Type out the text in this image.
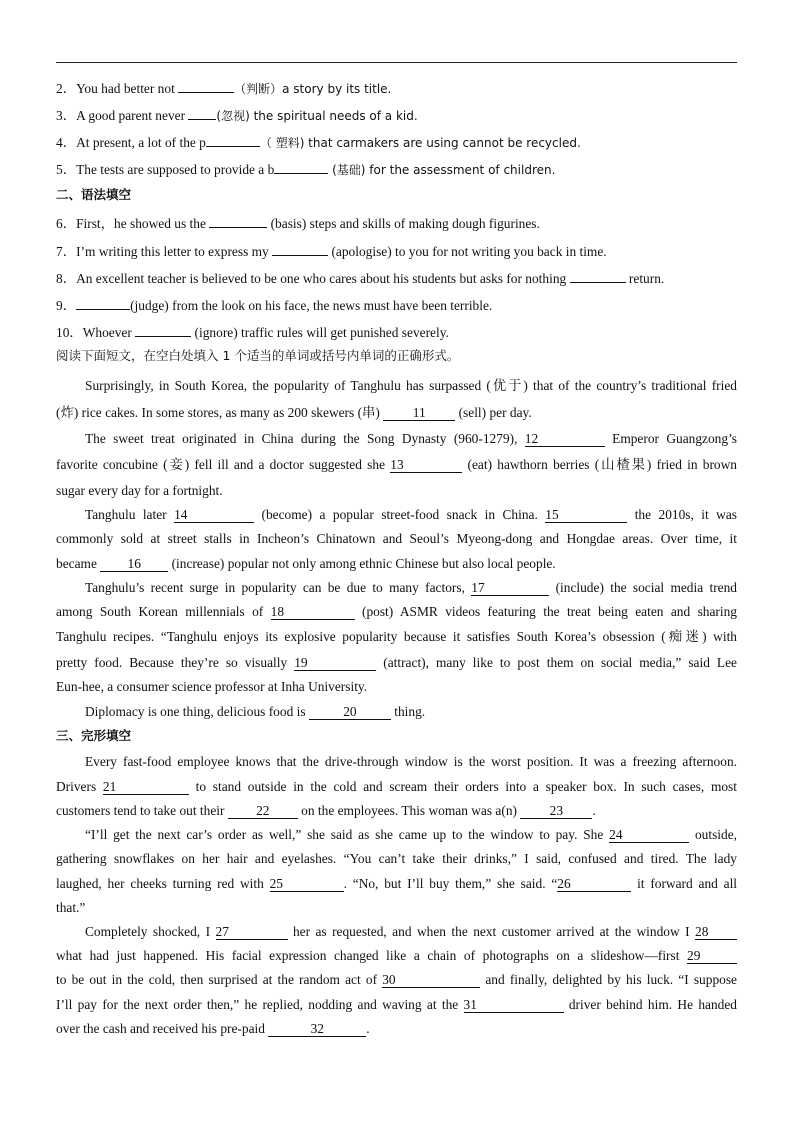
2．You had better not	（判断）a story by its title.
3．A good parent never (忽视) the spiritual needs of a kid.
4．At present, a lot of the p	（ 塑料) that carmakers are using cannot be recycled.
5．The tests are supposed to provide a b	(基础) for the assessment of children.
二、语法填空
6．First，he showed us the	(basis) steps and skills of making dough figurines.
7．I’m writing this letter to express my	(apologise) to you for not writing you back in time.
8．An excellent teacher is believed to be one who cares about his students but asks for nothing	return.
9．	(judge) from the look on his face, the news must have been terrible.
10．Whoever	(ignore) traffic rules will get punished severely.
阅读下面短文，在空白处填入 1 个适当的单词或括号内单词的正确形式。
Surprisingly, in South Korea, the popularity of Tanghulu has surpassed (优于) that of the country’s traditional fried
(炸) rice cakes. In some stores, as many as 200 skewers (串) 11 (sell) per day.
The sweet treat originated in China during the Song Dynasty (960-1279), 12	Emperor Guangzong’s
favorite concubine (妾) fell ill and a doctor suggested she 13	(eat) hawthorn berries (山楂果) fried in brown
sugar every day for a fortnight.
Tanghulu later 14	(become) a popular street-food snack in China. 15	the 2010s, it was
commonly sold at street stalls in Incheon’s Chinatown and Seoul’s Myeong-dong and Hongdae areas. Over time, it
became 16 (increase) popular not only among ethnic Chinese but also local people.
Tanghulu’s recent surge in popularity can be due to many factors, 17	(include) the social media trend
among South Korean millennials of 18	(post) ASMR videos featuring the treat being eaten and sharing
Tanghulu recipes. “Tanghulu enjoys its explosive popularity because it satisfies South Korea’s obsession (痴迷) with
pretty food. Because they’re so visually 19	(attract), many like to post them on social media,” said Lee
Eun-hee, a consumer science professor at Inha University.
Diplomacy is one thing, delicious food is	20	thing.
三、完形填空
Every fast-food employee knows that the drive-through window is the worst position. It was a freezing afternoon.
Drivers 21	to stand outside in the cold and scream their orders into a speaker box. In such cases, most
customers tend to take out their 22 on the employees. This woman was a(n) 23 .
“I’ll get the next car’s order as well,” she said as she came up to the window to pay. She 24	outside,
gathering snowflakes on her hair and eyelashes. “You can’t take their drinks,” I said, confused and tired. The lady
laughed, her cheeks turning red with 25	. “No, but I’ll buy them,” she said. “26	it forward and all
that.”
Completely shocked, I 27	her as requested, and when the next customer arrived at the window I 28
what had just happened. His facial expression changed like a chain of photographs on a slideshow—first 29
to be out in the cold, then surprised at the random act of 30	and finally, delighted by his luck. “I suppose
I’ll pay for the next order then,” he replied, nodding and waving at the 31	driver behind him. He handed
over the cash and received his pre-paid	32	.
